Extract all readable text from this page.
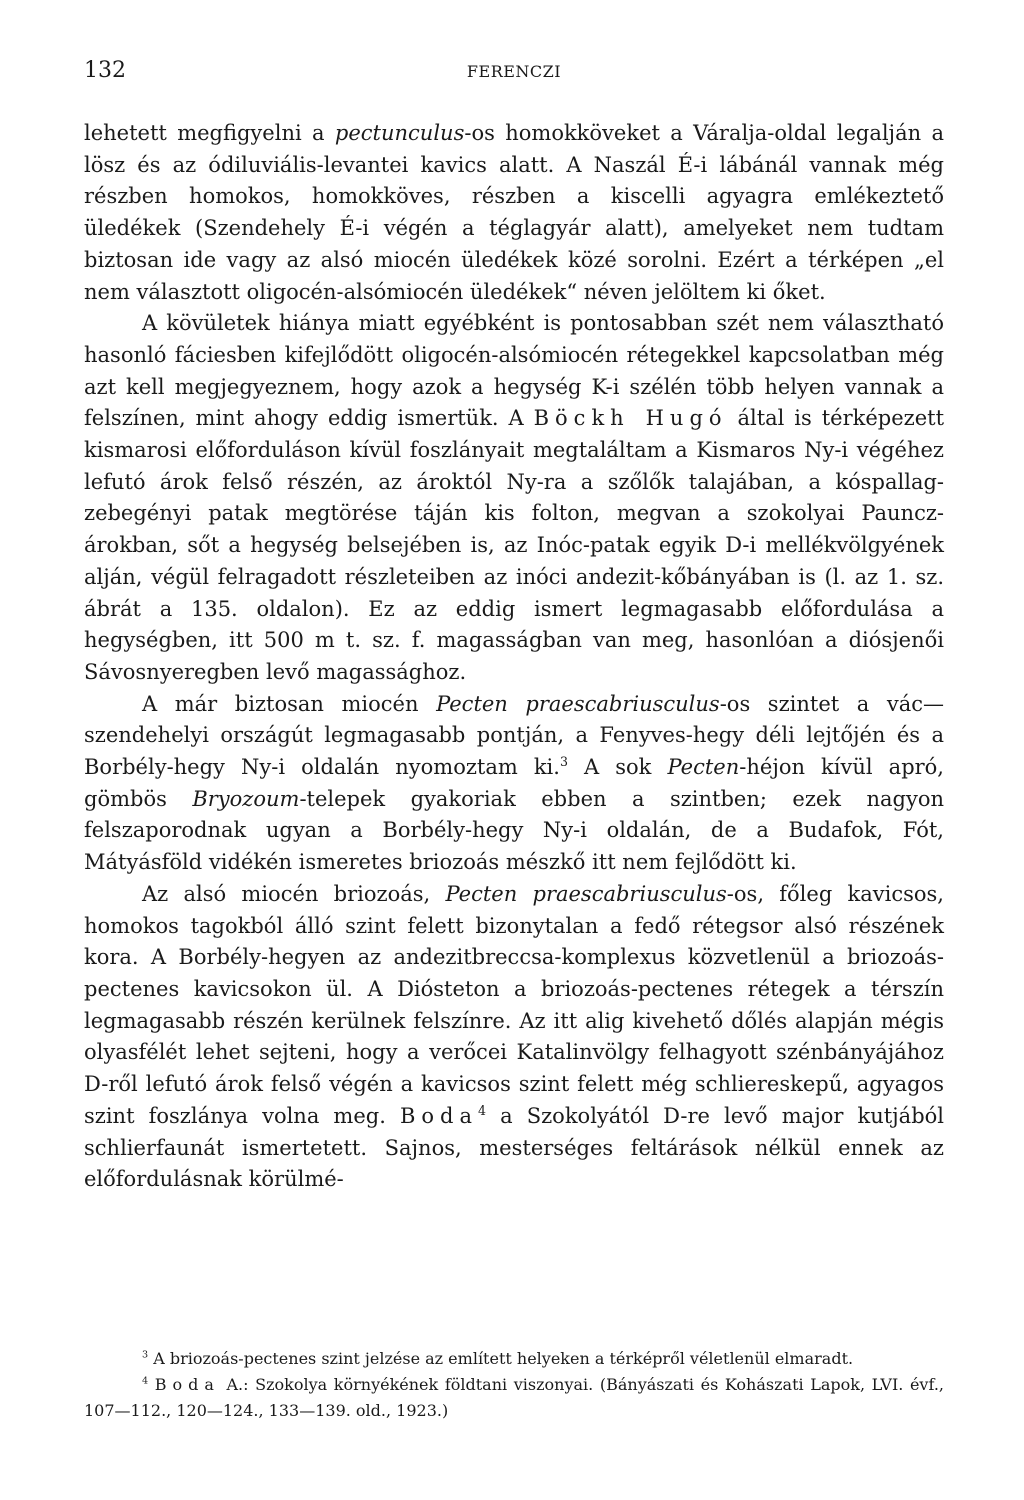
132	FERENCZI

lehetett megfigyelni a pectunculus-os homokköveket a Váralja-oldal legalján a lösz és az ódiluviális-levantei kavics alatt. A Naszál É-i lábánál vannak még részben homokos, homokköves, részben a kiscelli agyagra emlékeztető üledékek (Szendehely É-i végén a téglagyár alatt), amelyeket nem tudtam biztosan ide vagy az alsó miocén üledékek közé sorolni. Ezért a térképen „el nem választott oligocén-alsómiocén üledékek“ néven jelöltem ki őket.

A kövületek hiánya miatt egyébként is pontosabban szét nem választható hasonló fáciesben kifejlődött oligocén-alsómiocén rétegekkel kapcsolatban még azt kell megjegyeznem, hogy azok a hegység K-i szélén több helyen vannak a felszínen, mint ahogy eddig ismertük. A Böckh Hugó által is térképezett kismarosi előforduláson kívül foszlányait megtaláltam a Kismaros Ny-i végéhez lefutó árok felső részén, az ároktól Ny-ra a szőlők talajában, a kóspallag-zebegényi patak megtörése táján kis folton, megvan a szokolyai Pauncz-árokban, sőt a hegység belsejében is, az Inóc-patak egyik D-i mellékvölgyének alján, végül felragadott részleteiben az inóci andezit-kőbányában is (l. az 1. sz. ábrát a 135. oldalon). Ez az eddig ismert legmagasabb előfordulása a hegységben, itt 500 m t. sz. f. magasságban van meg, hasonlóan a diósjenői Sávosnyeregben levő magassághoz.

A már biztosan miocén Pecten praescabriusculus-os szintet a vác—szendehelyi országút legmagasabb pontján, a Fenyves-hegy déli lejtőjén és a Borbély-hegy Ny-i oldalán nyomoztam ki.$^3$ A sok Pecten-héjon kívül apró, gömbös Bryozoum-telepek gyakoriak ebben a szintben; ezek nagyon felszaporodnak ugyan a Borbély-hegy Ny-i oldalán, de a Budafok, Fót, Mátyásföld vidékén ismeretes briozoás mészkő itt nem fejlődött ki.

Az alsó miocén briozoás, Pecten praescabriusculus-os, főleg kavicsos, homokos tagokból álló szint felett bizonytalan a fedő rétegsor alsó részének kora. A Borbély-hegyen az andezitbreccsa-komplexus közvetlenül a briozoás-pectenes kavicsokon ül. A Diósteton a briozoás-pectenes rétegek a térszín legmagasabb részén kerülnek felszínre. Az itt alig kivehető dőlés alapján mégis olyasfélét lehet sejteni, hogy a verőcei Katalinvölgy felhagyott szénbányájához D-ről lefutó árok felső végén a kavicsos szint felett még schliereskepű, agyagos szint foszlánya volna meg. Boda$^4$ a Szokolyától D-re levő major kutjából schlierfaunát ismertetett. Sajnos, mesterséges feltárások nélkül ennek az előfordulásnak körülmé-

$^3$ A briozoás-pectenes szint jelzése az említett helyeken a térképről véletlenül elmaradt.

$^4$ Boda A.: Szokolya környékének földtani viszonyai. (Bányászati és Kohászati Lapok, LVI. évf., 107—112., 120—124., 133—139. old., 1923.)
